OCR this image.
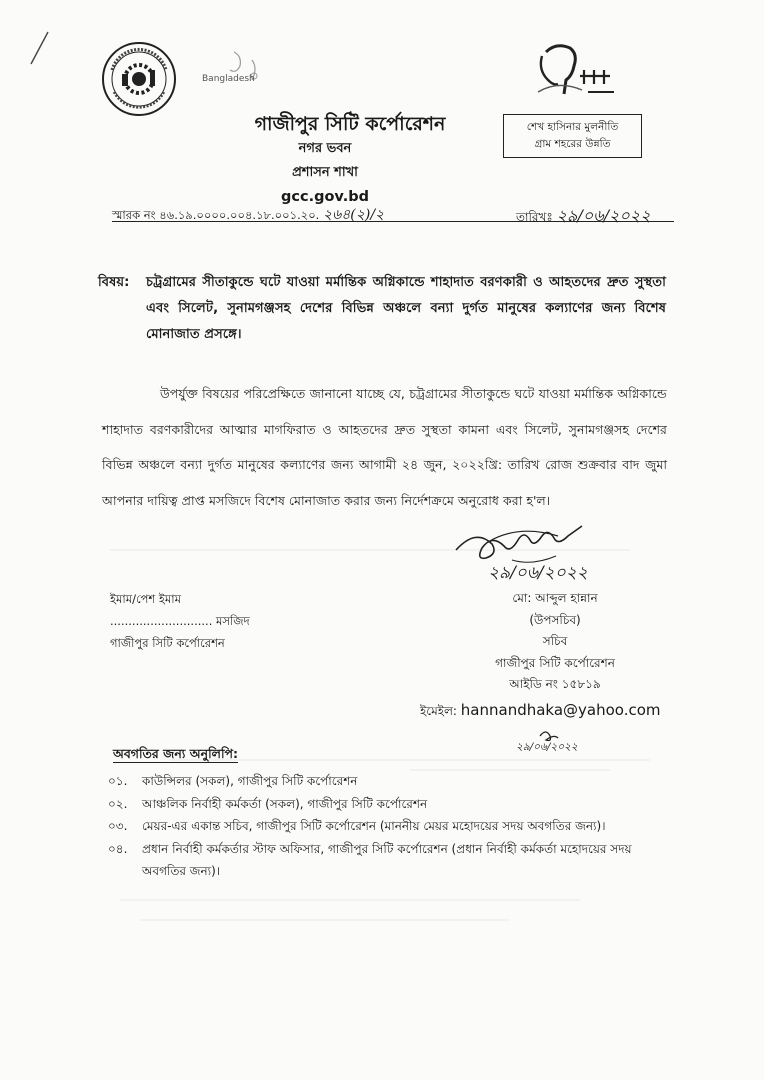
Bangladesh
শেখ হাসিনার মুলনীতি
গ্রাম শহরের উন্নতি
গাজীপুর সিটি কর্পোরেশন
নগর ভবন
প্রশাসন শাখা
gcc.gov.bd
স্মারক নং ৪৬.১৯.০০০০.০০৪.১৮.০০১.২০. ২৬৪(২)/২	তারিখঃ ২৯/০৬/২০২২
বিষয়: চট্রগ্রামের সীতাকুন্ডে ঘটে যাওয়া মর্মান্তিক অগ্নিকান্ডে শাহাদাত বরণকারী ও আহতদের দ্রুত সুস্থতা এবং সিলেট, সুনামগঞ্জসহ দেশের বিভিন্ন অঞ্চলে বন্যা দুর্গত মানুষের কল্যাণের জন্য বিশেষ মোনাজাত প্রসঙ্গে।

উপর্যুক্ত বিষয়ের পরিপ্রেক্ষিতে জানানো যাচ্ছে যে, চট্রগ্রামের সীতাকুন্ডে ঘটে যাওয়া মর্মান্তিক অগ্নিকান্ডে শাহাদাত বরণকারীদের আত্মার মাগফিরাত ও আহতদের দ্রুত সুস্থতা কামনা এবং সিলেট, সুনামগঞ্জসহ দেশের বিভিন্ন অঞ্চলে বন্যা দুর্গত মানুষের কল্যাণের জন্য আগামী ২৪ জুন, ২০২২খ্রি: তারিখ রোজ শুক্রবার বাদ জুমা আপনার দায়িত্ব প্রাপ্ত মসজিদে বিশেষ মোনাজাত করার জন্য নির্দেশক্রমে অনুরোধ করা হ'ল।

২৯/০৬/২০২২
ইমাম/পেশ ইমাম
............................ মসজিদ
গাজীপুর সিটি কর্পোরেশন
মো: আব্দুল হান্নান
(উপসচিব)
সচিব
গাজীপুর সিটি কর্পোরেশন
আইডি নং ১৫৮১৯
ইমেইল: hannandhaka@yahoo.com
২৯/০৬/২০২২
অবগতির জন্য অনুলিপি:
০১. কাউন্সিলর (সকল), গাজীপুর সিটি কর্পোরেশন
০২. আঞ্চলিক নির্বাহী কর্মকর্তা (সকল), গাজীপুর সিটি কর্পোরেশন
০৩. মেয়র-এর একান্ত সচিব, গাজীপুর সিটি কর্পোরেশন (মাননীয় মেয়র মহোদয়ের সদয় অবগতির জন্য)।
০৪. প্রধান নির্বাহী কর্মকর্তার স্টাফ অফিসার, গাজীপুর সিটি কর্পোরেশন (প্রধান নির্বাহী কর্মকর্তা মহোদয়ের সদয় অবগতির জন্য)।
